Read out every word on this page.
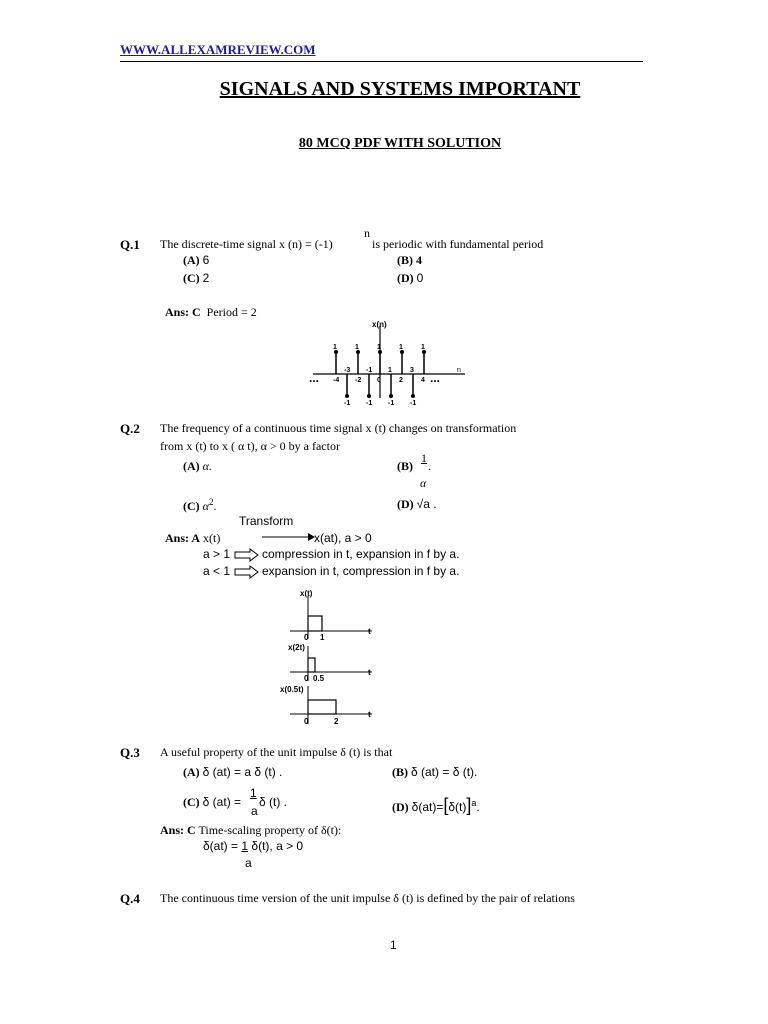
WWW.ALLEXAMREVIEW.COM
SIGNALS AND SYSTEMS IMPORTANT
80 MCQ PDF WITH SOLUTION
Q.1 The discrete-time signal x (n) = (-1)
n
is periodic with fundamental period
(A) 6	(B) 4
(C) 2	(D) 0
Ans: C Period = 2
x(n)
n
...	...
1
-4
-1
-3
1
-2
-1
-1
1
0
-1
1
1
2
-1
3
1
4
Q.2 The frequency of a continuous time signal x (t) changes on transformation
from x (t) to x ( α t), α > 0 by a factor
(A) α.	(B)
1
.
α
(C) $\alpha^2$.	(D) √a .
Transform
Ans: A x(t)	x(at), a > 0
a > 1	compression in t, expansion in f by a.
a < 1	expansion in t, compression in f by a.
x(t)
t
0 1
x(2t)
t
0 0.5
x(0.5t)
t
0	2
Q.3 A useful property of the unit impulse δ (t) is that
(A) δ (at) = a δ (t) .	(B) δ (at) = δ (t).
(C) δ (at) =
1
a
δ (t) .	(D) $\delta(at)=[\delta(t)]^a$.
Ans: C Time-scaling property of δ(t):
δ(at) = 1 δ(t), a > 0
a
Q.4 The continuous time version of the unit impulse δ (t) is defined by the pair of relations
1
